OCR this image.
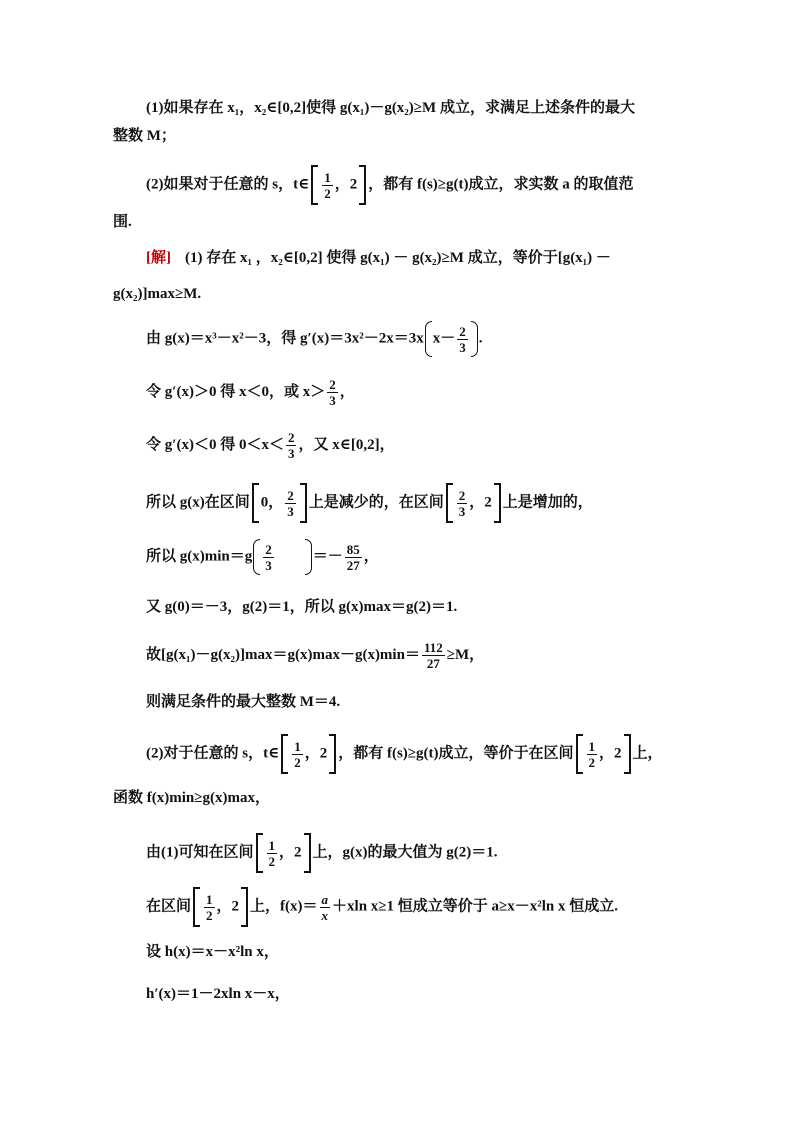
(1)如果存在 x₁，x₂∈[0,2]使得 g(x₁)－g(x₂)≥M 成立，求满足上述条件的最大
整数 M；
(2)如果对于任意的 s，t∈ $\frac{1}{2}$ ，2 ，都有 f(s)≥g(t)成立，求实数 a 的取值范
围.
[解] (1) 存在 x₁ ，x₂∈[0,2] 使得 g(x₁) － g(x₂)≥M 成立，等价于[g(x₁) －
g(x₂)]max≥M.
由 g(x)＝x³－x²－3，得 g′(x)＝3x²－2x＝3x $x- \frac{2}{3}$ .
令 g′(x)＞0 得 x＜0，或 $x> \frac{2}{3}$ ，
令 g′(x)＜0 得 $0<x< \frac{2}{3}$ ，又 x∈[0,2]，
所以 g(x)在区间 0， $\frac{2}{3}$ 上是减少的，在区间 $\frac{2}{3}$ ，2 上是增加的，
所以 $g(x)\min=g \frac{2}{3}$	＝－ $\frac{85}{27}$ ，
又 g(0)＝－3，g(2)＝1，所以 g(x)max＝g(2)＝1.
故$[g(x_1)-g(x_2)]\max=g(x)\max-g(x)\min= \frac{112}{27} \ge M$，
则满足条件的最大整数 M＝4.
(2)对于任意的 s，t∈ $\frac{1}{2}$ ，2 ，都有 f(s)≥g(t)成立，等价于在区间 $\frac{1}{2}$ ，2 上，
函数 f(x)min≥g(x)max，
由(1)可知在区间 $\frac{1}{2}$ ，2 上，g(x)的最大值为 g(2)＝1.
在区间 $\frac{1}{2}$ ，2 上，$f(x)= \frac{a}{x} +xln$ x≥1 恒成立等价于 a≥x－x²ln x 恒成立.
设 h(x)＝x－x²ln x，
h′(x)＝1－2xln x－x，
